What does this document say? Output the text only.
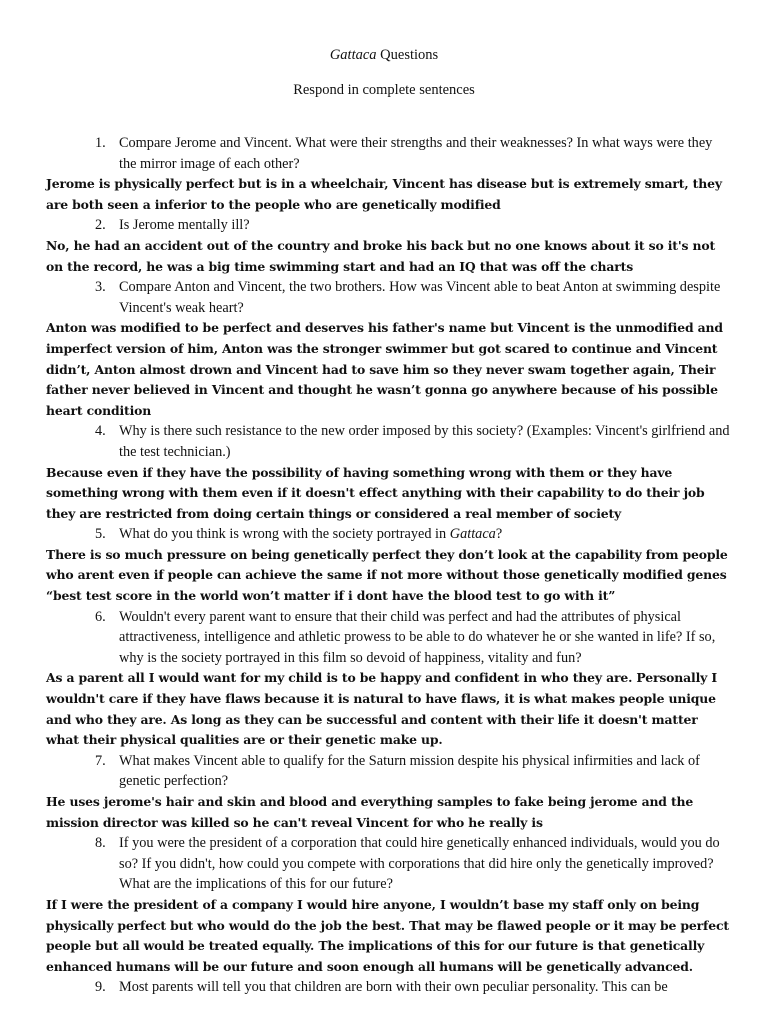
Gattaca Questions
Respond in complete sentences
1. Compare Jerome and Vincent. What were their strengths and their weaknesses? In what ways were they the mirror image of each other?
Jerome is physically perfect but is in a wheelchair, Vincent has disease but is extremely smart, they are both seen a inferior to the people who are genetically modified
2. Is Jerome mentally ill?
No, he had an accident out of the country and broke his back but no one knows about it so it's not on the record, he was a big time swimming start and had an IQ that was off the charts
3. Compare Anton and Vincent, the two brothers. How was Vincent able to beat Anton at swimming despite Vincent's weak heart?
Anton was modified to be perfect and deserves his father's name but Vincent is the unmodified and imperfect version of him, Anton was the stronger swimmer but got scared to continue and Vincent didn’t, Anton almost drown and Vincent had to save him so they never swam together again, Their father never believed in Vincent and thought he wasn’t gonna go anywhere because of his possible heart condition
4. Why is there such resistance to the new order imposed by this society? (Examples: Vincent's girlfriend and the test technician.)
Because even if they have the possibility of having something wrong with them or they have something wrong with them even if it doesn't effect anything with their capability to do their job they are restricted from doing certain things or considered a real member of society
5. What do you think is wrong with the society portrayed in Gattaca?
There is so much pressure on being genetically perfect they don’t look at the capability from people who arent even if people can achieve the same if not more without those genetically modified genes “best test score in the world won’t matter if i dont have the blood test to go with it”
6. Wouldn't every parent want to ensure that their child was perfect and had the attributes of physical attractiveness, intelligence and athletic prowess to be able to do whatever he or she wanted in life? If so, why is the society portrayed in this film so devoid of happiness, vitality and fun?
As a parent all I would want for my child is to be happy and confident in who they are. Personally I wouldn't care if they have flaws because it is natural to have flaws, it is what makes people unique and who they are. As long as they can be successful and content with their life it doesn't matter what their physical qualities are or their genetic make up.
7. What makes Vincent able to qualify for the Saturn mission despite his physical infirmities and lack of genetic perfection?
He uses jerome's hair and skin and blood and everything samples to fake being jerome and the mission director was killed so he can't reveal Vincent for who he really is
8. If you were the president of a corporation that could hire genetically enhanced individuals, would you do so? If you didn't, how could you compete with corporations that did hire only the genetically improved? What are the implications of this for our future?
If I were the president of a company I would hire anyone, I wouldn’t base my staff only on being physically perfect but who would do the job the best. That may be flawed people or it may be perfect people but all would be treated equally. The implications of this for our future is that genetically enhanced humans will be our future and soon enough all humans will be genetically advanced.
9. Most parents will tell you that children are born with their own peculiar personality. This can be
